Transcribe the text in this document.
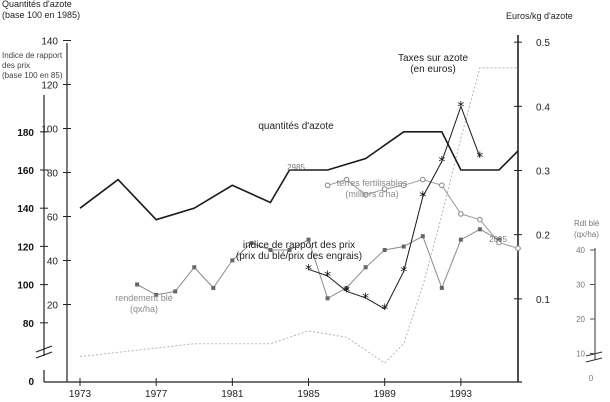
* *
* *
*
*
*
*
*
*
1973	1977	1981	1985	1989	1993
80
100
120
140
160
180
0
20
40
60
80
100
120
140
0.1
0.2
0.3
0.4
0.5
10
20
30
40
0
Quantités d'azote
(base 100 en 1985)
Indice de rapport
des prix
(base 100 en 85)
Euros/kg d'azote
Rdt blé
(qx/ha)
Taxes sur azote
(en euros)
rendement blé
(qx/ha)
terres fertilisables
(milliers d'ha)
2985
2695
quantités d'azote
indice de rapport des prix
(prix du blé/prix des engrais)
